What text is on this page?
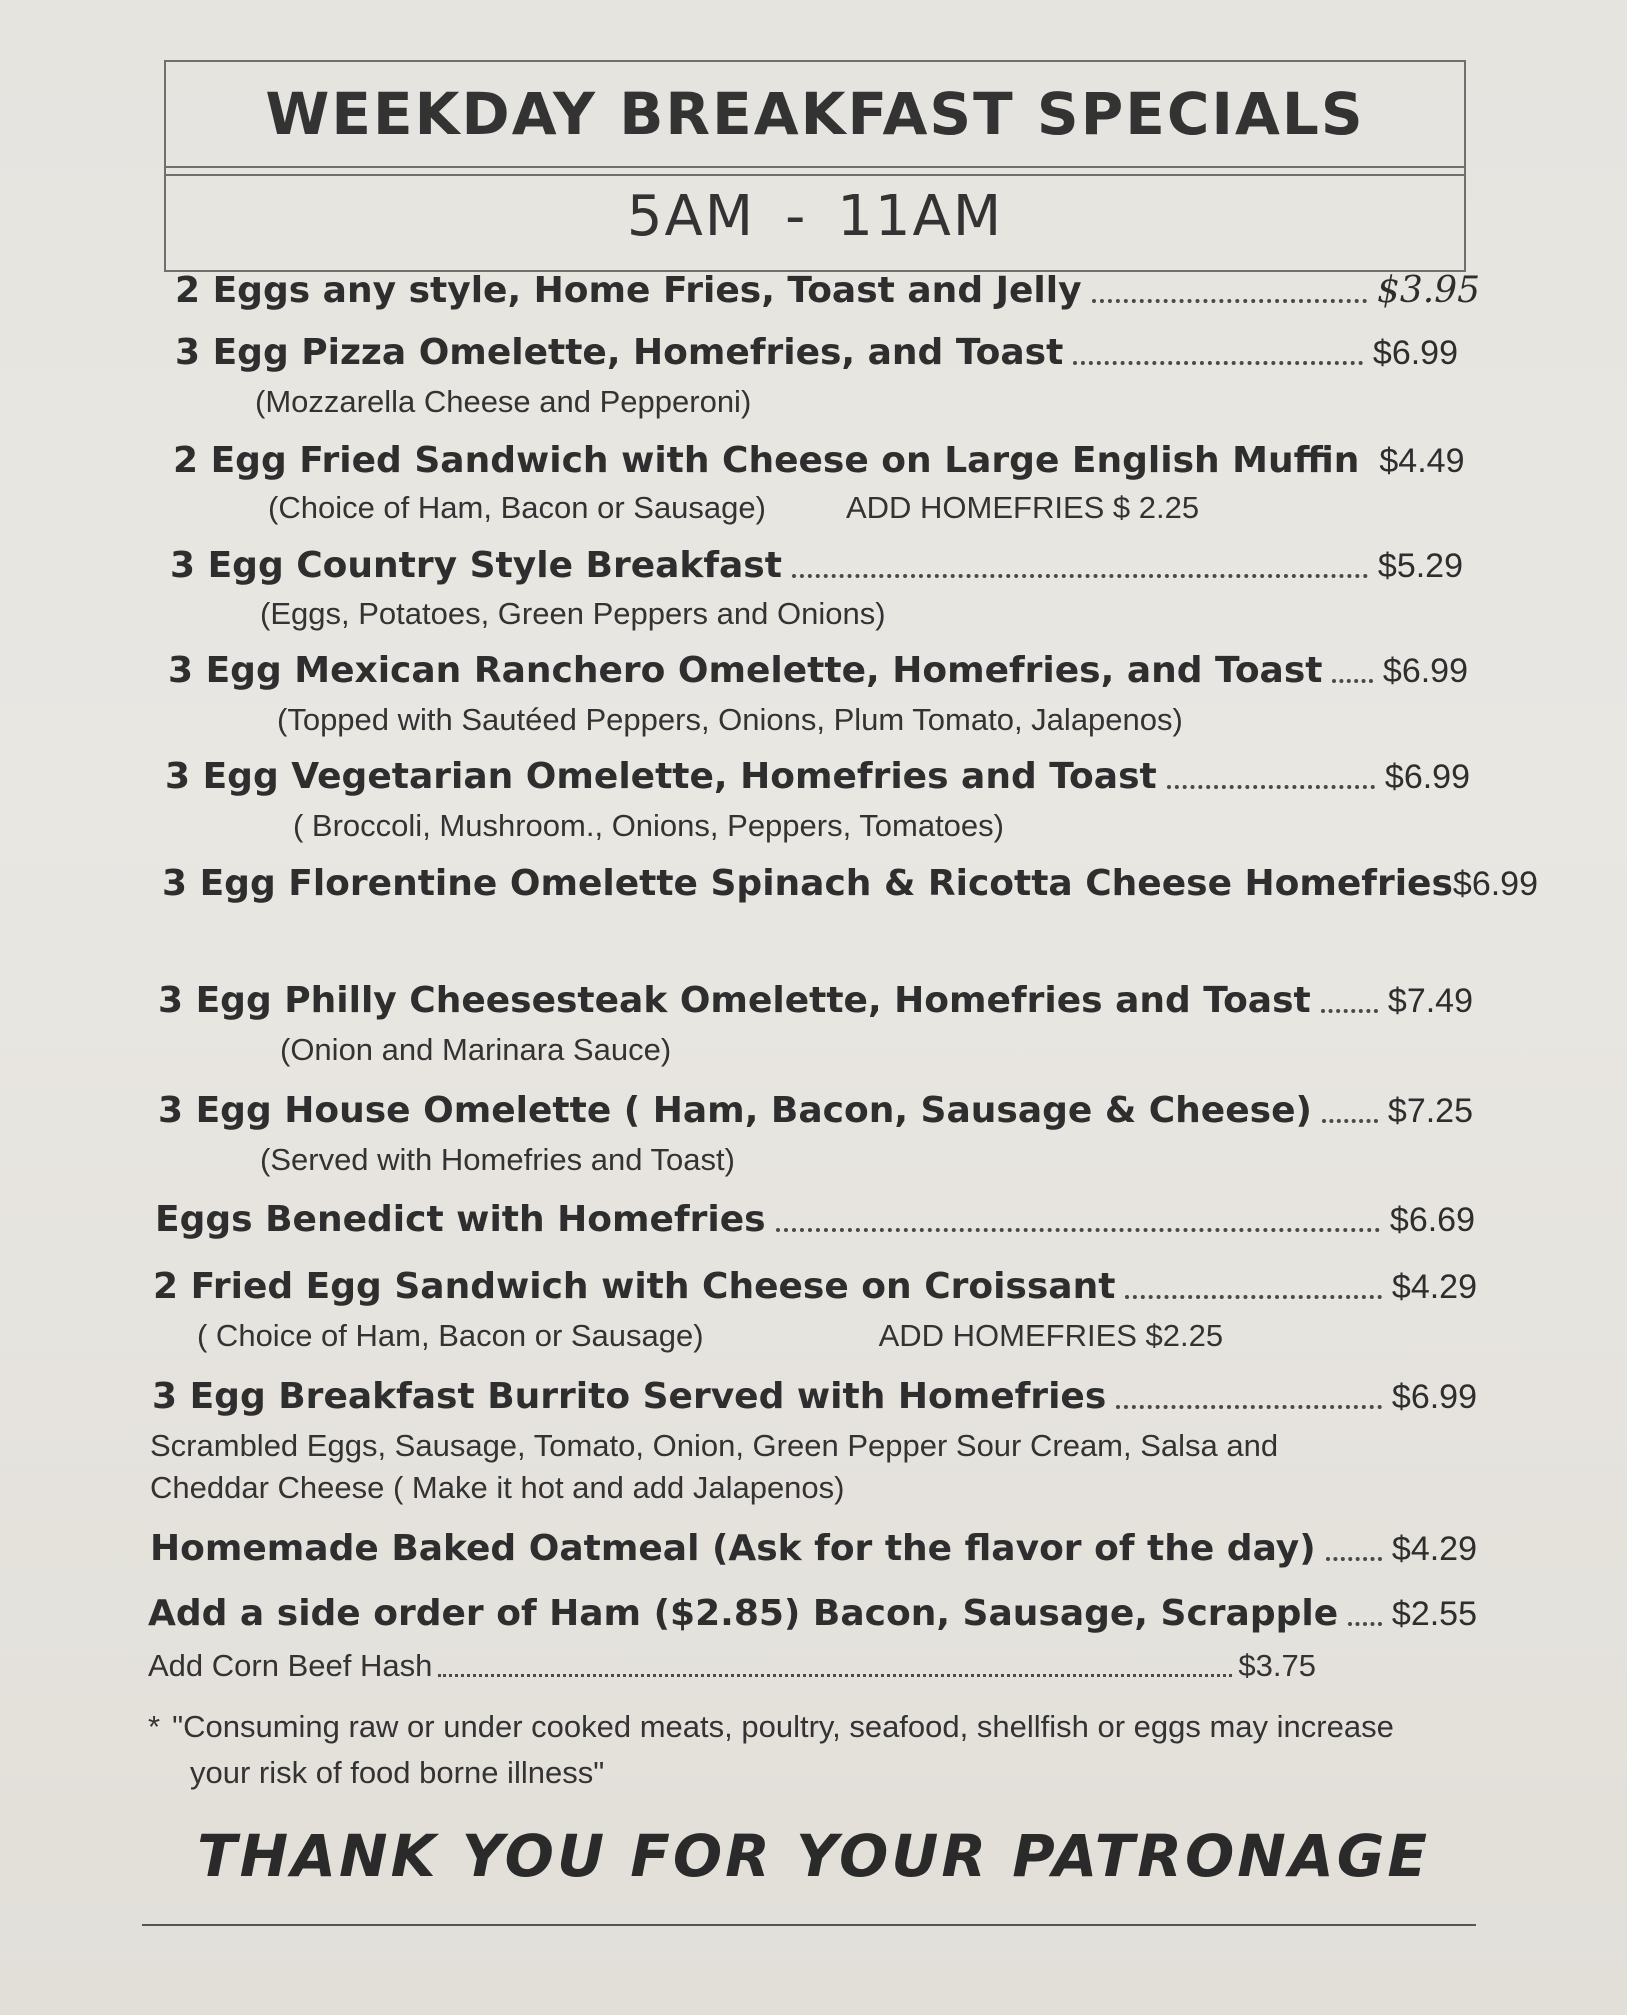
WEEKDAY BREAKFAST SPECIALS
5AM - 11AM
2 Eggs any style, Home Fries, Toast and Jelly	$3.95
3 Egg Pizza Omelette, Homefries, and Toast	$6.99
(Mozzarella Cheese and Pepperoni)
2 Egg Fried Sandwich with Cheese on Large English Muffin $4.49
(Choice of Ham, Bacon or Sausage)	ADD HOMEFRIES $ 2.25
3 Egg Country Style Breakfast	$5.29
(Eggs, Potatoes, Green Peppers and Onions)
3 Egg Mexican Ranchero Omelette, Homefries, and Toast $6.99
(Topped with Sautéed Peppers, Onions, Plum Tomato, Jalapenos)
3 Egg Vegetarian Omelette, Homefries and Toast	$6.99
( Broccoli, Mushroom., Onions, Peppers, Tomatoes)
3 Egg Florentine Omelette Spinach & Ricotta Cheese Homefries $6.99
3 Egg Philly Cheesesteak Omelette, Homefries and Toast $7.49
(Onion and Marinara Sauce)
3 Egg House Omelette ( Ham, Bacon, Sausage & Cheese) $7.25
(Served with Homefries and Toast)
Eggs Benedict with Homefries	$6.69
2 Fried Egg Sandwich with Cheese on Croissant	$4.29
( Choice of Ham, Bacon or Sausage)	ADD HOMEFRIES $2.25
3 Egg Breakfast Burrito Served with Homefries	$6.99
Scrambled Eggs, Sausage, Tomato, Onion, Green Pepper Sour Cream, Salsa and Cheddar Cheese ( Make it hot and add Jalapenos)
Homemade Baked Oatmeal (Ask for the flavor of the day) $4.29
Add a side order of Ham ($2.85) Bacon, Sausage, Scrapple $2.55
Add Corn Beef Hash	$3.75
* "Consuming raw or under cooked meats, poultry, seafood, shellfish or eggs may increase
your risk of food borne illness"
THANK YOU FOR YOUR PATRONAGE
